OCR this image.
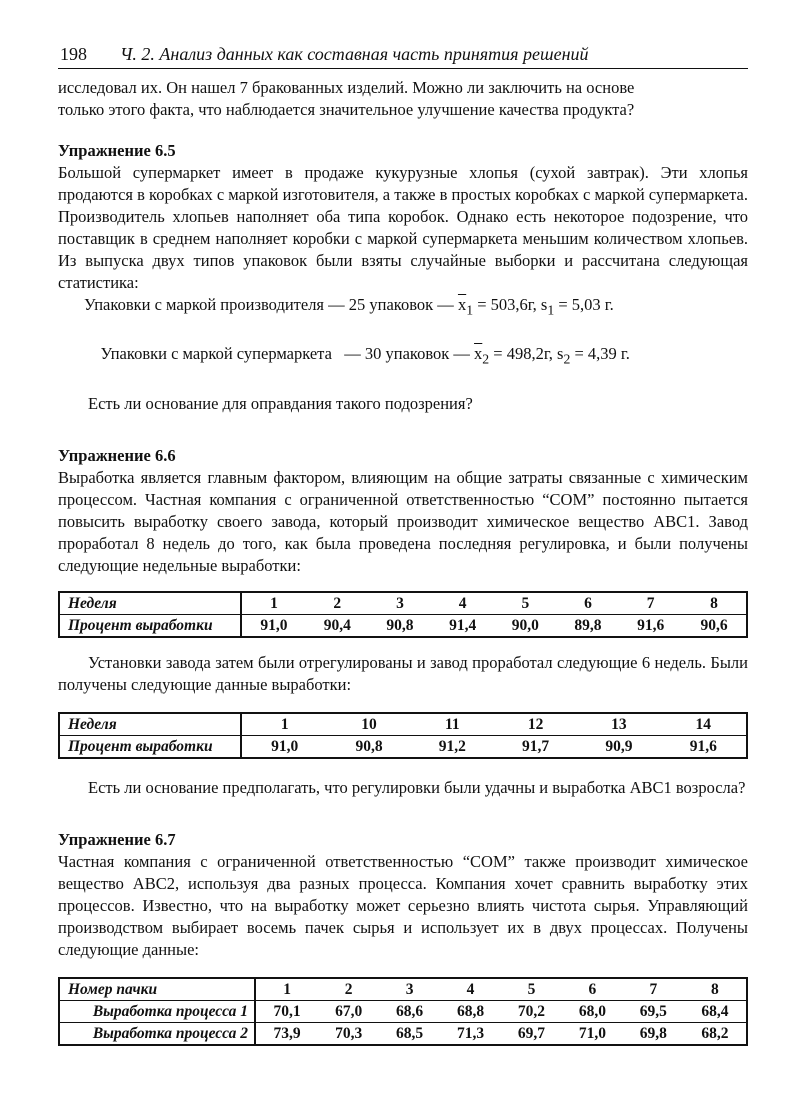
198 Ч. 2. Анализ данных как составная часть принятия решений

исследовал их. Он нашел 7 бракованных изделий. Можно ли заключить на основе

только этого факта, что наблюдается значительное улучшение качества продукта?

Упражнение 6.5

Большой супермаркет имеет в продаже кукурузные хлопья (сухой завтрак). Эти хлопья продаются в коробках с маркой изготовителя, а также в простых коробках с маркой супермаркета. Производитель хлопьев наполняет оба типа коробок. Однако есть некоторое подозрение, что поставщик в среднем наполняет коробки с маркой супермаркета меньшим количеством хлопьев. Из выпуска двух типов упаковок были взяты случайные выборки и рассчитана следующая статистика:

Упаковки с маркой производителя — 25 упаковок — $\overline{x}_1 = 503,6г$, $s_1 = 5,03$ г.

Упаковки с маркой супермаркета   — 30 упаковок — $\overline{x}_2 = 498,2г$, $s_2 = 4,39$ г.

Есть ли основание для оправдания такого подозрения?

Упражнение 6.6

Выработка является главным фактором, влияющим на общие затраты связанные с химическим процессом. Частная компания с ограниченной ответственностью “COM” постоянно пытается повысить выработку своего завода, который производит химическое вещество ABC1. Завод проработал 8 недель до того, как была проведена последняя регулировка, и были получены следующие недельные выработки:

Неделя	1	2	3	4	5	6	7	8
Процент выработки	91,0	90,4	90,8	91,4	90,0	89,8	91,6	90,6

Установки завода затем были отрегулированы и завод проработал следующие 6 недель. Были получены следующие данные выработки:

Неделя	1	10	11	12	13	14
Процент выработки	91,0	90,8	91,2	91,7	90,9	91,6

Есть ли основание предполагать, что регулировки были удачны и выработка ABC1 возросла?

Упражнение 6.7

Частная компания с ограниченной ответственностью “COM” также производит химическое вещество ABC2, используя два разных процесса. Компания хочет сравнить выработку этих процессов. Известно, что на выработку может серьезно влиять чистота сырья. Управляющий производством выбирает восемь пачек сырья и использует их в двух процессах. Получены следующие данные:

Номер пачки	1	2	3	4	5	6	7	8
Выработка процесса 1	70,1	67,0	68,6	68,8	70,2	68,0	69,5	68,4
Выработка процесса 2	73,9	70,3	68,5	71,3	69,7	71,0	69,8	68,2
